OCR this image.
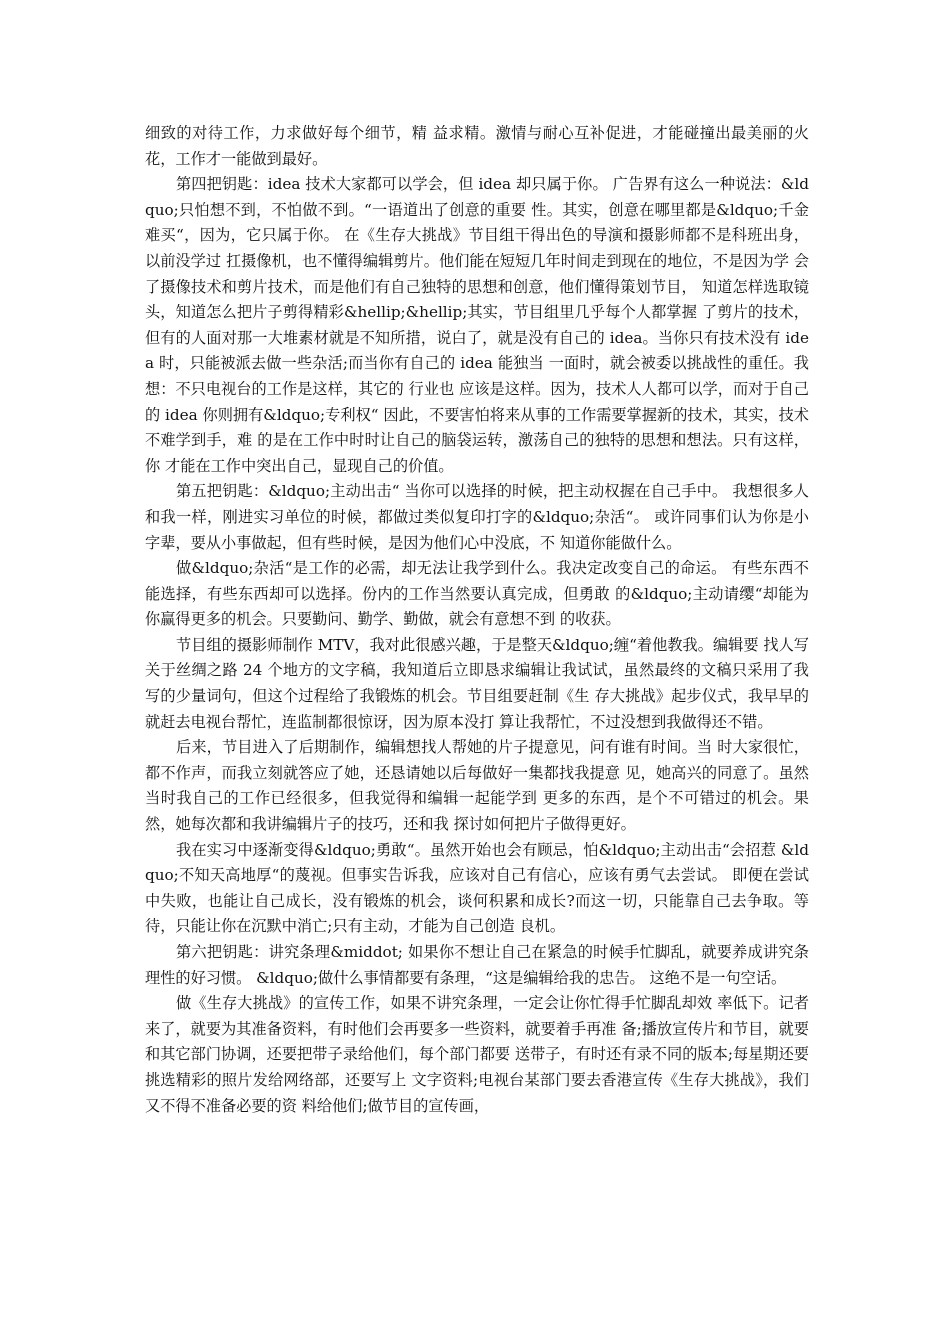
细致的对待工作，力求做好每个细节，精 益求精。激情与耐心互补促进，才能碰撞出最美丽的火花，工作才一能做到最好。

第四把钥匙：idea 技术大家都可以学会，但 idea 却只属于你。 广告界有这么一种说法：&ldquo;只怕想不到，不怕做不到。“一语道出了创意的重要 性。其实，创意在哪里都是&ldquo;千金难买“，因为，它只属于你。 在《生存大挑战》节目组干得出色的导演和摄影师都不是科班出身，以前没学过 扛摄像机，也不懂得编辑剪片。他们能在短短几年时间走到现在的地位，不是因为学 会了摄像技术和剪片技术，而是他们有自己独特的思想和创意，他们懂得策划节目， 知道怎样选取镜头，知道怎么把片子剪得精彩&hellip;&hellip;其实，节目组里几乎每个人都掌握 了剪片的技术，但有的人面对那一大堆素材就是不知所措，说白了，就是没有自己的 idea。当你只有技术没有 idea 时，只能被派去做一些杂活;而当你有自己的 idea 能独当 一面时，就会被委以挑战性的重任。我想：不只电视台的工作是这样，其它的 行业也 应该是这样。因为，技术人人都可以学，而对于自己的 idea 你则拥有&ldquo;专利权“ 因此，不要害怕将来从事的工作需要掌握新的技术，其实，技术不难学到手，难 的是在工作中时时让自己的脑袋运转，激荡自己的独特的思想和想法。只有这样，你 才能在工作中突出自己，显现自己的价值。

第五把钥匙：&ldquo;主动出击“ 当你可以选择的时候，把主动权握在自己手中。 我想很多人和我一样，刚进实习单位的时候，都做过类似复印打字的&ldquo;杂活“。 或许同事们认为你是小字辈，要从小事做起，但有些时候，是因为他们心中没底，不 知道你能做什么。

做&ldquo;杂活“是工作的必需，却无法让我学到什么。我决定改变自己的命运。 有些东西不能选择，有些东西却可以选择。份内的工作当然要认真完成，但勇敢 的&ldquo;主动请缨“却能为你赢得更多的机会。只要勤问、勤学、勤做，就会有意想不到 的收获。

节目组的摄影师制作 MTV，我对此很感兴趣，于是整天&ldquo;缠“着他教我。编辑要 找人写关于丝绸之路 24 个地方的文字稿，我知道后立即恳求编辑让我试试，虽然最终的文稿只采用了我写的少量词句，但这个过程给了我锻炼的机会。节目组要赶制《生 存大挑战》起步仪式，我早早的就赶去电视台帮忙，连监制都很惊讶，因为原本没打 算让我帮忙，不过没想到我做得还不错。

后来，节目进入了后期制作，编辑想找人帮她的片子提意见，问有谁有时间。当 时大家很忙，都不作声，而我立刻就答应了她，还恳请她以后每做好一集都找我提意 见，她高兴的同意了。虽然当时我自己的工作已经很多，但我觉得和编辑一起能学到 更多的东西，是个不可错过的机会。果然，她每次都和我讲编辑片子的技巧，还和我 探讨如何把片子做得更好。

我在实习中逐渐变得&ldquo;勇敢“。虽然开始也会有顾忌，怕&ldquo;主动出击“会招惹 &ldquo;不知天高地厚“的蔑视。但事实告诉我，应该对自己有信心，应该有勇气去尝试。 即便在尝试中失败，也能让自己成长，没有锻炼的机会，谈何积累和成长?而这一切，只能靠自己去争取。等待，只能让你在沉默中消亡;只有主动，才能为自己创造 良机。

第六把钥匙：讲究条理&middot; 如果你不想让自己在紧急的时候手忙脚乱，就要养成讲究条理性的好习惯。 &ldquo;做什么事情都要有条理，“这是编辑给我的忠告。 这绝不是一句空话。

做《生存大挑战》的宣传工作，如果不讲究条理，一定会让你忙得手忙脚乱却效 率低下。记者来了，就要为其准备资料，有时他们会再要多一些资料，就要着手再准 备;播放宣传片和节目，就要和其它部门协调，还要把带子录给他们，每个部门都要 送带子，有时还有录不同的版本;每星期还要挑选精彩的照片发给网络部，还要写上 文字资料;电视台某部门要去香港宣传《生存大挑战》，我们又不得不准备必要的资 料给他们;做节目的宣传画，
